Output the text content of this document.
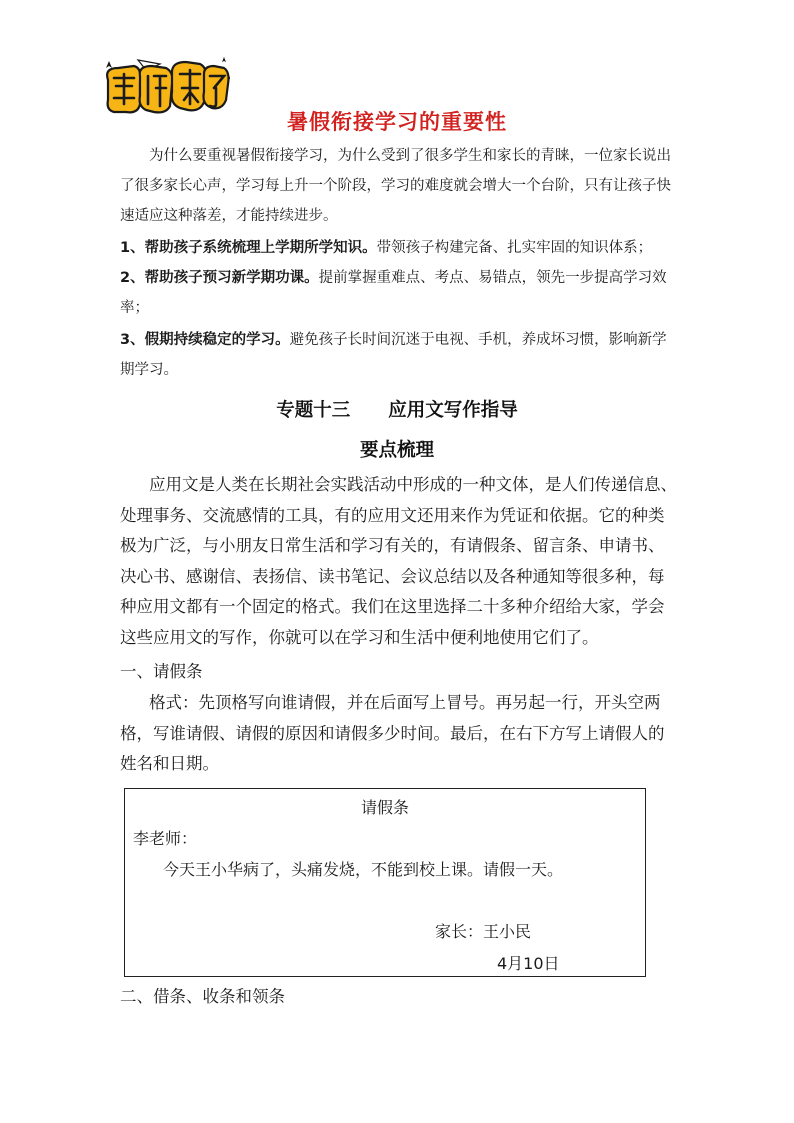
暑假衔接学习的重要性

为什么要重视暑假衔接学习，为什么受到了很多学生和家长的青睐，一位家长说出了很多家长心声，学习每上升一个阶段，学习的难度就会增大一个台阶，只有让孩子快速适应这种落差，才能持续进步。

1、帮助孩子系统梳理上学期所学知识。带领孩子构建完备、扎实牢固的知识体系；

2、帮助孩子预习新学期功课。提前掌握重难点、考点、易错点，领先一步提高学习效率；

3、假期持续稳定的学习。避免孩子长时间沉迷于电视、手机，养成坏习惯，影响新学期学习。

专题十三 应用文写作指导
要点梳理

应用文是人类在长期社会实践活动中形成的一种文体，是人们传递信息、处理事务、交流感情的工具，有的应用文还用来作为凭证和依据。它的种类极为广泛，与小朋友日常生活和学习有关的，有请假条、留言条、申请书、决心书、感谢信、表扬信、读书笔记、会议总结以及各种通知等很多种，每种应用文都有一个固定的格式。我们在这里选择二十多种介绍给大家，学会这些应用文的写作，你就可以在学习和生活中便利地使用它们了。

一、请假条

格式：先顶格写向谁请假，并在后面写上冒号。再另起一行，开头空两格，写谁请假、请假的原因和请假多少时间。最后，在右下方写上请假人的姓名和日期。

请假条
李老师：
今天王小华病了，头痛发烧，不能到校上课。请假一天。
家长：王小民
4月10日

二、借条、收条和领条
